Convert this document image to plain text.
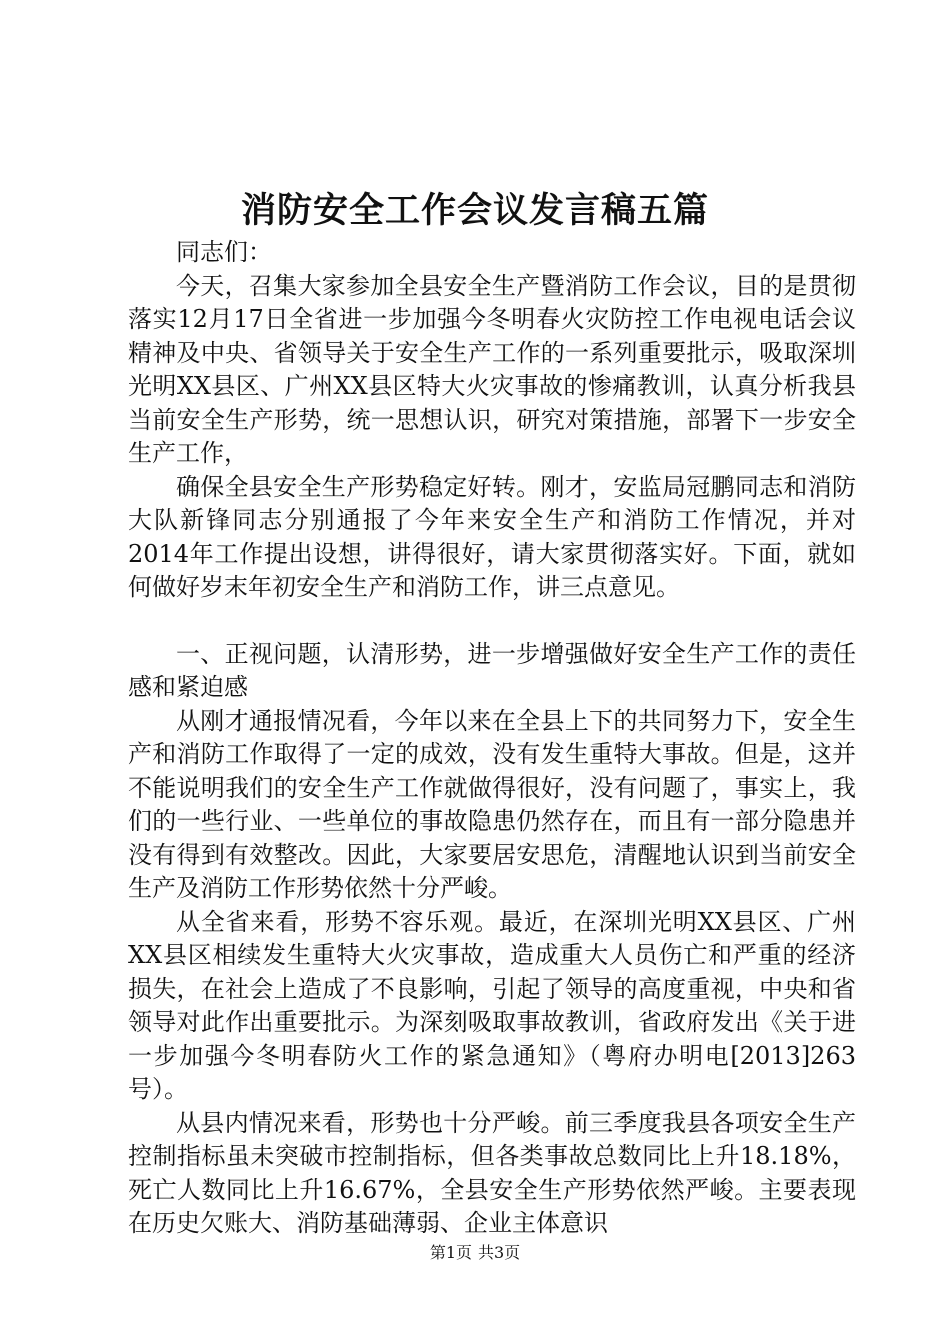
消防安全工作会议发言稿五篇

同志们：

今天，召集大家参加全县安全生产暨消防工作会议，目的是贯彻落实12月17日全省进一步加强今冬明春火灾防控工作电视电话会议精神及中央、省领导关于安全生产工作的一系列重要批示，吸取深圳光明XX县区、广州XX县区特大火灾事故的惨痛教训，认真分析我县当前安全生产形势，统一思想认识，研究对策措施，部署下一步安全生产工作，

确保全县安全生产形势稳定好转。刚才，安监局冠鹏同志和消防大队新锋同志分别通报了今年来安全生产和消防工作情况，并对2014年工作提出设想，讲得很好，请大家贯彻落实好。下面，就如何做好岁末年初安全生产和消防工作，讲三点意见。

一、正视问题，认清形势，进一步增强做好安全生产工作的责任感和紧迫感

从刚才通报情况看，今年以来在全县上下的共同努力下，安全生产和消防工作取得了一定的成效，没有发生重特大事故。但是，这并不能说明我们的安全生产工作就做得很好，没有问题了，事实上，我们的一些行业、一些单位的事故隐患仍然存在，而且有一部分隐患并没有得到有效整改。因此，大家要居安思危，清醒地认识到当前安全生产及消防工作形势依然十分严峻。

从全省来看，形势不容乐观。最近，在深圳光明XX县区、广州XX县区相续发生重特大火灾事故，造成重大人员伤亡和严重的经济损失，在社会上造成了不良影响，引起了领导的高度重视，中央和省领导对此作出重要批示。为深刻吸取事故教训，省政府发出《关于进一步加强今冬明春防火工作的紧急通知》（粤府办明电[2013]263号）。

从县内情况来看，形势也十分严峻。前三季度我县各项安全生产控制指标虽未突破市控制指标，但各类事故总数同比上升18.18%，死亡人数同比上升16.67%，全县安全生产形势依然严峻。主要表现在历史欠账大、消防基础薄弱、企业主体意识

第1页 共3页
